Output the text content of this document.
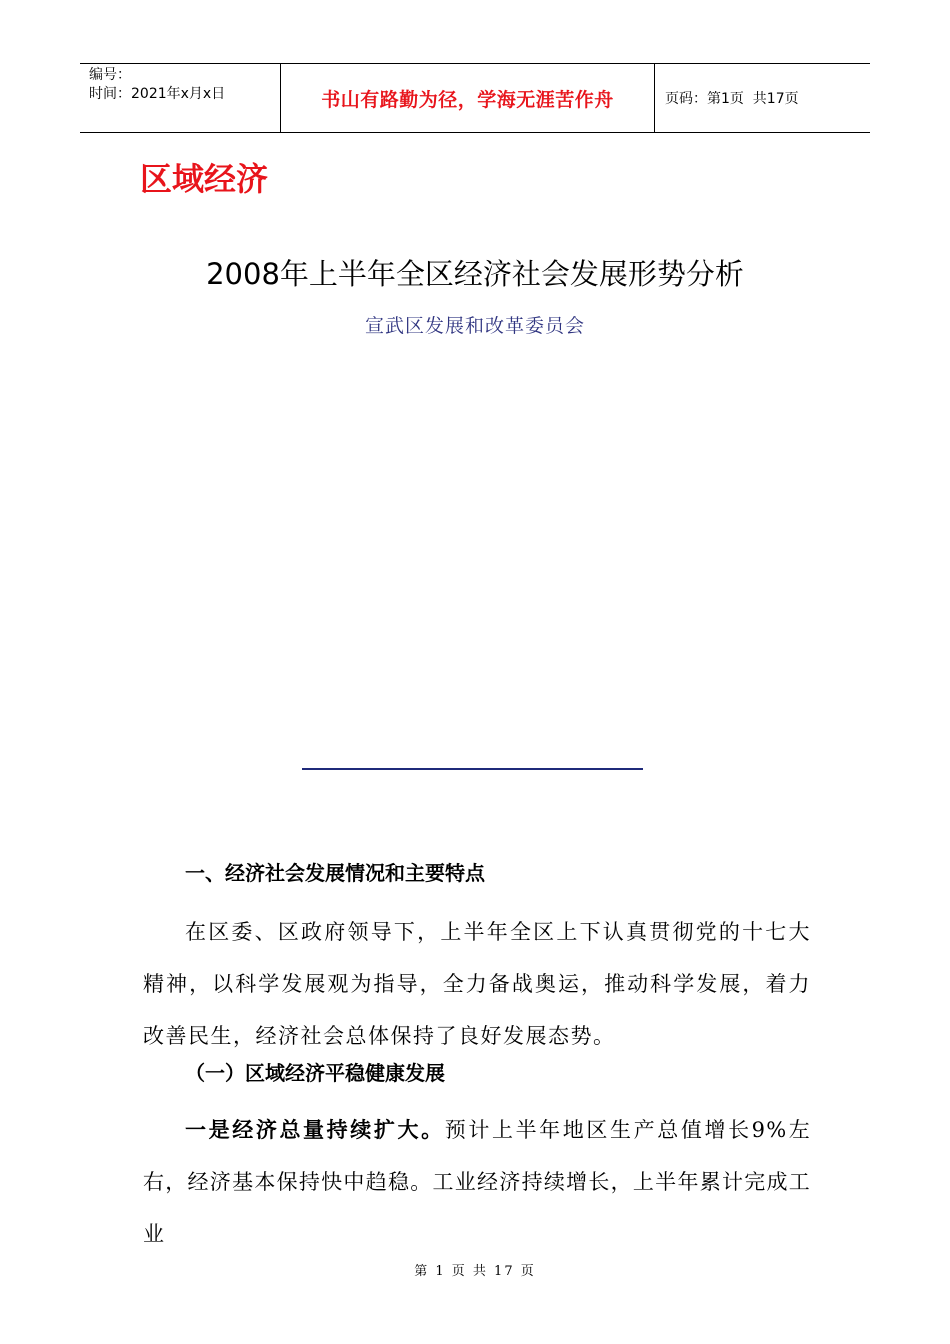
编号：
时间：2021年x月x日	书山有路勤为径，学海无涯苦作舟	页码：第1页  共17页
区域经济
2008年上半年全区经济社会发展形势分析

宣武区发展和改革委员会

一、经济社会发展情况和主要特点

在区委、区政府领导下，上半年全区上下认真贯彻党的十七大精神，以科学发展观为指导，全力备战奥运，推动科学发展，着力改善民生，经济社会总体保持了良好发展态势。

（一）区域经济平稳健康发展

一是经济总量持续扩大。预计上半年地区生产总值增长9%左右，经济基本保持快中趋稳。工业经济持续增长，上半年累计完成工业

第 1 页 共 17 页
